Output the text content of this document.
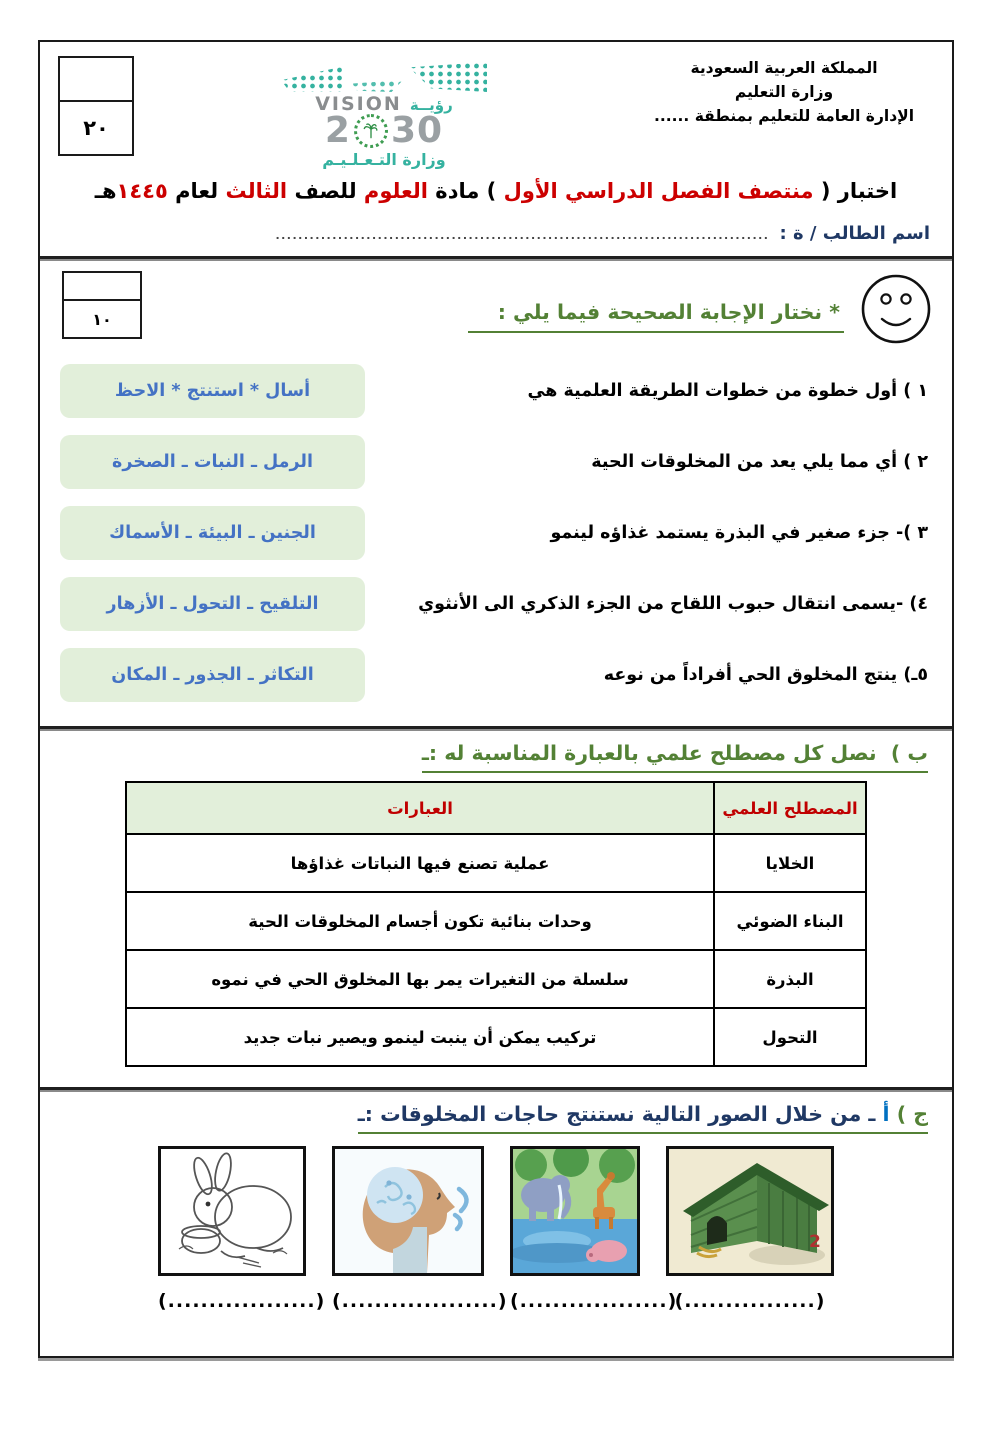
المملكة العربية السعودية
وزارة التعليم
الإدارة العامة للتعليم بمنطقة ......
VISION رؤيــة
2 30
وزارة التـعـلـيـم
٢٠
اختبار ( منتصف الفصل الدراسي الأول ) مادة العلوم للصف الثالث لعام ١٤٤٥هـ
اسم الطالب / ة :
.......................................................................................
* نختار الإجابة الصحيحة فيما يلي :
١٠
١ ) أول خطوة من خطوات الطريقة العلمية هي
أسال * استنتج * الاحظ
٢ ) أي مما يلي يعد من المخلوقات الحية
الرمل ـ النبات ـ الصخرة
٣ )- جزء صغير في البذرة يستمد غذاؤه لينمو
الجنين ـ البيئة ـ الأسماك
٤) -يسمى انتقال حبوب اللقاح من الجزء الذكري الى الأنثوي
التلقيح ـ التحول ـ الأزهار
٥ـ) ينتج المخلوق الحي أفراداً من نوعه
التكاثر ـ الجذور ـ المكان
ب )  نصل كل مصطلح علمي بالعبارة المناسبة له :ـ
المصطلح العلمي	العبارات
الخلايا	عملية تصنع فيها النباتات غذاؤها
البناء الضوئي	وحدات بنائية تكون أجسام المخلوقات الحية
البذرة	سلسلة من التغيرات يمر بها المخلوق الحي في نموه
التحول	تركيب يمكن أن ينبت لينمو ويصير نبات جديد
ج ) أ ـ من خلال الصور التالية نستنتج حاجات المخلوقات :ـ
2
(..................) (...................) (..................)
(................)
